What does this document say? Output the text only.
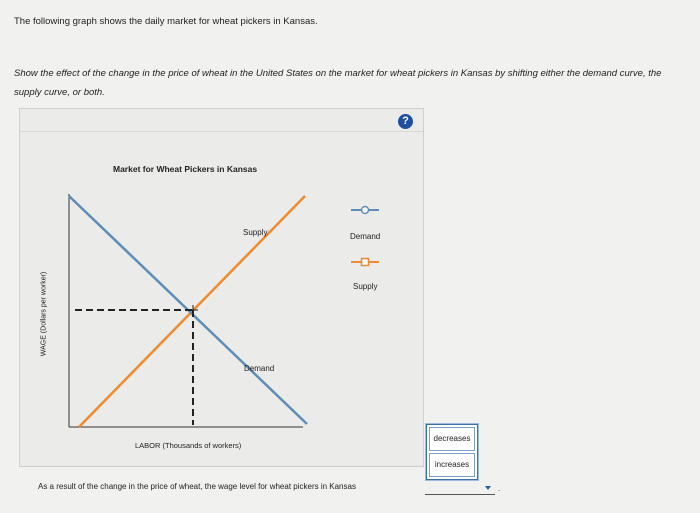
The following graph shows the daily market for wheat pickers in Kansas.
Show the effect of the change in the price of wheat in the United States on the market for wheat pickers in Kansas by shifting either the demand curve, the supply curve, or both.
?
Market for Wheat Pickers in Kansas
WAGE (Dollars per worker)
LABOR (Thousands of workers)
Supply
Demand
Demand
Supply
decreases
increases
As a result of the change in the price of wheat, the wage level for wheat pickers in Kansas	.
